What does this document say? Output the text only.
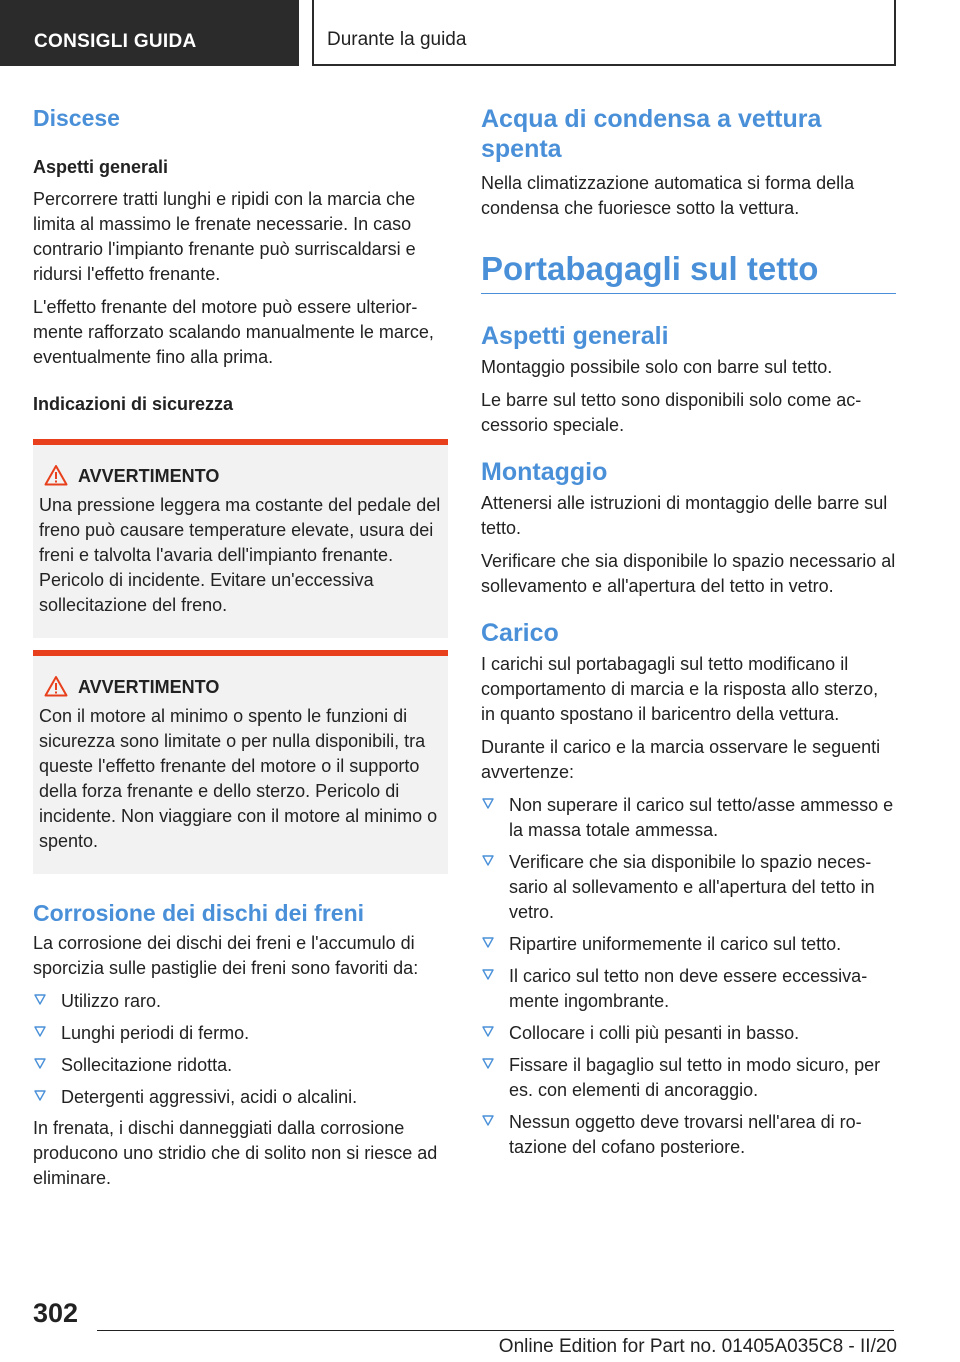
CONSIGLI GUIDA	Durante la guida
Discese
Aspetti generali

Percorrere tratti lunghi e ripidi con la marcia che limita al massimo le frenate necessarie. In caso contrario l'impianto frenante può surriscaldarsi e ridursi l'effetto frenante.

L'effetto frenante del motore può essere ulteriormente rafforzato scalando manualmente le marce, eventualmente fino alla prima.

Indicazioni di sicurezza
AVVERTIMENTO

Una pressione leggera ma costante del pedale del freno può causare temperature elevate, usura dei freni e talvolta l'avaria dell'impianto frenante. Pericolo di incidente. Evitare un'eccessiva sollecitazione del freno.

AVVERTIMENTO

Con il motore al minimo o spento le funzioni di sicurezza sono limitate o per nulla disponibili, tra queste l'effetto frenante del motore o il supporto della forza frenante e dello sterzo. Pericolo di incidente. Non viaggiare con il motore al minimo o spento.

Corrosione dei dischi dei freni

La corrosione dei dischi dei freni e l'accumulo di sporcizia sulle pastiglie dei freni sono favoriti da:

Utilizzo raro.
Lunghi periodi di fermo.
Sollecitazione ridotta.
Detergenti aggressivi, acidi o alcalini.

In frenata, i dischi danneggiati dalla corrosione producono uno stridio che di solito non si riesce ad eliminare.

Acqua di condensa a vettura spenta

Nella climatizzazione automatica si forma della condensa che fuoriesce sotto la vettura.

Portabagagli sul tetto
Aspetti generali

Montaggio possibile solo con barre sul tetto.

Le barre sul tetto sono disponibili solo come accessorio speciale.

Montaggio

Attenersi alle istruzioni di montaggio delle barre sul tetto.

Verificare che sia disponibile lo spazio necessario al sollevamento e all'apertura del tetto in vetro.

Carico

I carichi sul portabagagli sul tetto modificano il comportamento di marcia e la risposta allo sterzo, in quanto spostano il baricentro della vettura.

Durante il carico e la marcia osservare le seguenti avvertenze:

Non superare il carico sul tetto/asse ammesso e la massa totale ammessa.
Verificare che sia disponibile lo spazio necessario al sollevamento e all'apertura del tetto in vetro.
Ripartire uniformemente il carico sul tetto.
Il carico sul tetto non deve essere eccessivamente ingombrante.
Collocare i colli più pesanti in basso.
Fissare il bagaglio sul tetto in modo sicuro, per es. con elementi di ancoraggio.
Nessun oggetto deve trovarsi nell'area di rotazione del cofano posteriore.
302
Online Edition for Part no. 01405A035C8 - II/20
